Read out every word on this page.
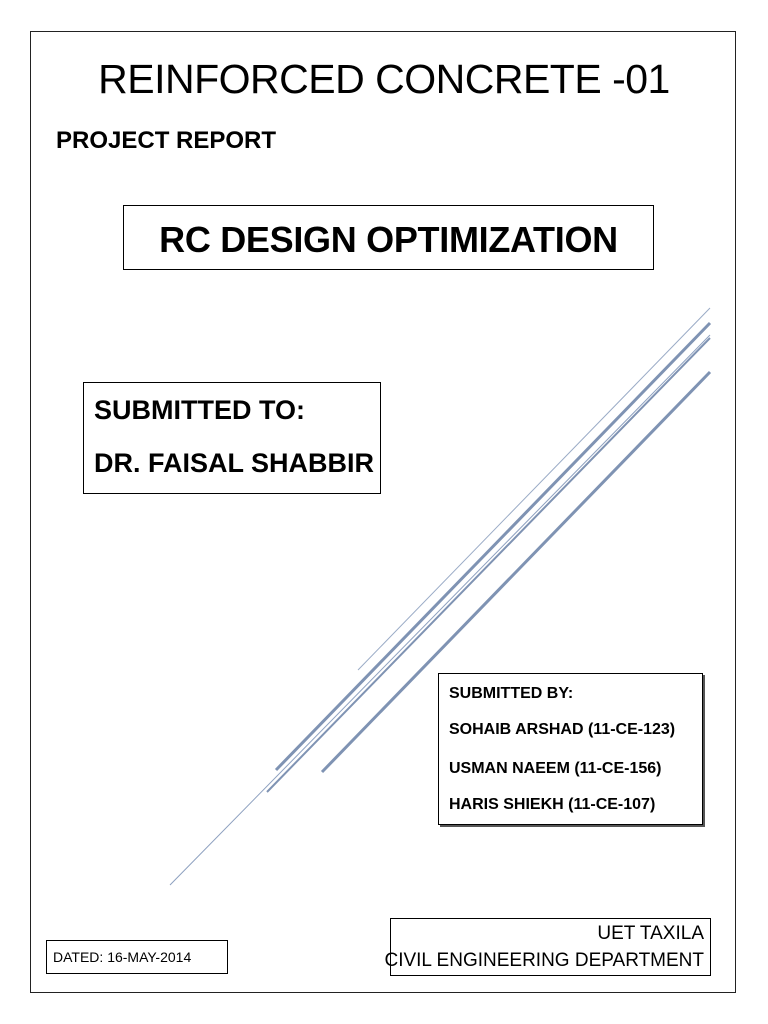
REINFORCED CONCRETE -01
PROJECT REPORT
RC DESIGN OPTIMIZATION
SUBMITTED TO:
DR. FAISAL SHABBIR
SUBMITTED BY:
SOHAIB ARSHAD (11-CE-123)
USMAN NAEEM (11-CE-156)
HARIS SHIEKH (11-CE-107)
DATED: 16-MAY-2014
UET TAXILA
CIVIL ENGINEERING DEPARTMENT
